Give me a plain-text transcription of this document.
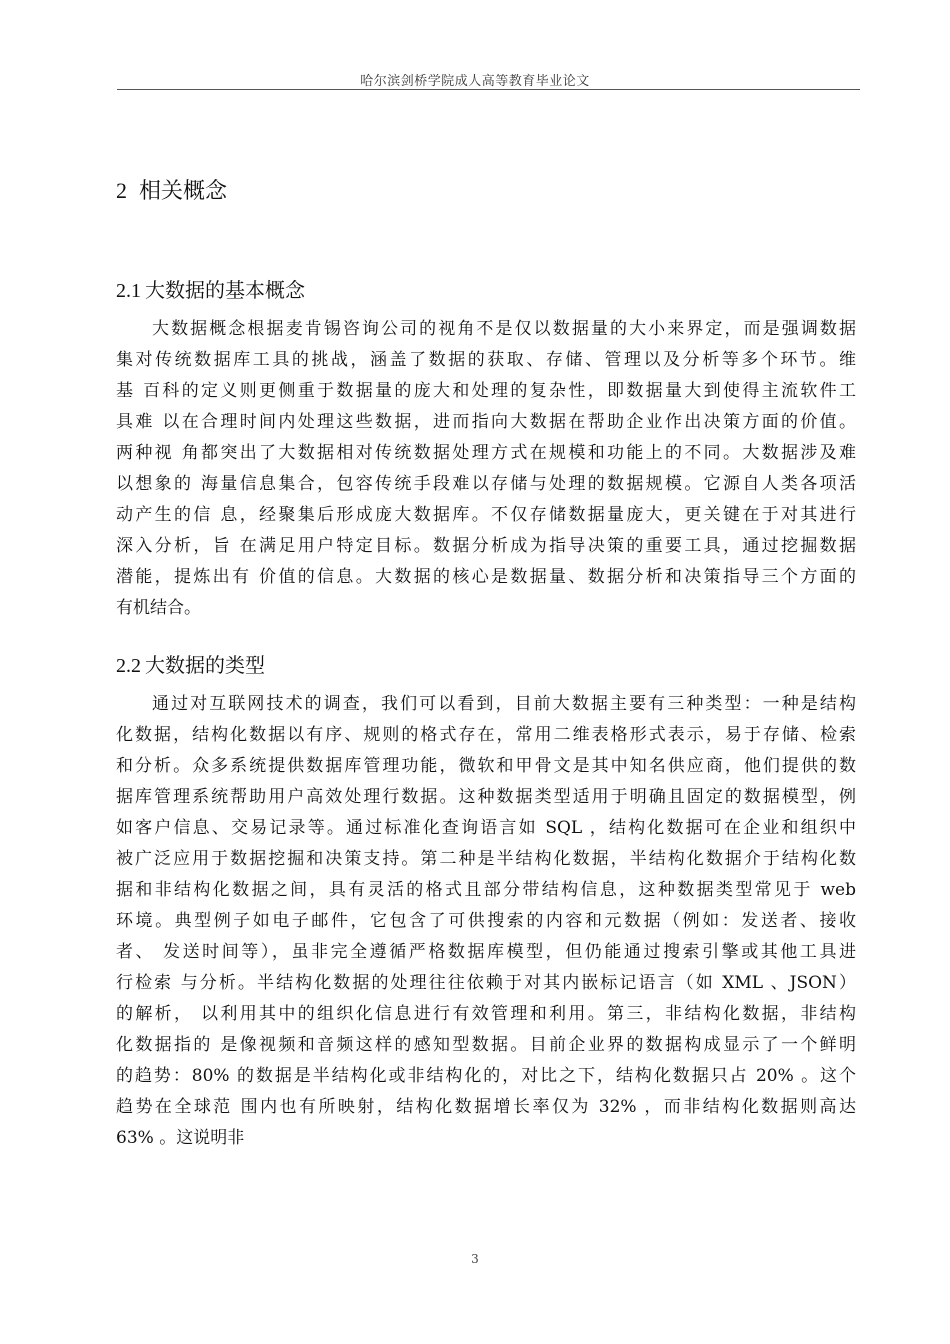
哈尔滨剑桥学院成人高等教育毕业论文
2 相关概念
2.1 大数据的基本概念
大数据概念根据麦肯锡咨询公司的视角不是仅以数据量的大小来界定，而是强调数据
集对传统数据库工具的挑战，涵盖了数据的获取、存储、管理以及分析等多个环节。维
基 百科的定义则更侧重于数据量的庞大和处理的复杂性，即数据量大到使得主流软件工
具难 以在合理时间内处理这些数据，进而指向大数据在帮助企业作出决策方面的价值。
两种视 角都突出了大数据相对传统数据处理方式在规模和功能上的不同。大数据涉及难
以想象的 海量信息集合，包容传统手段难以存储与处理的数据规模。它源自人类各项活
动产生的信 息，经聚集后形成庞大数据库。不仅存储数据量庞大，更关键在于对其进行
深入分析，旨 在满足用户特定目标。数据分析成为指导决策的重要工具，通过挖掘数据
潜能，提炼出有 价值的信息。大数据的核心是数据量、数据分析和决策指导三个方面的
有机结合。
2.2 大数据的类型
通过对互联网技术的调查，我们可以看到，目前大数据主要有三种类型：一种是结构
化数据，结构化数据以有序、规则的格式存在，常用二维表格形式表示，易于存储、检索
和分析。众多系统提供数据库管理功能，微软和甲骨文是其中知名供应商，他们提供的数
据库管理系统帮助用户高效处理行数据。这种数据类型适用于明确且固定的数据模型，例
如客户信息、交易记录等。通过标准化查询语言如 SQL ，结构化数据可在企业和组织中
被广泛应用于数据挖掘和决策支持。第二种是半结构化数据，半结构化数据介于结构化数
据和非结构化数据之间，具有灵活的格式且部分带结构信息，这种数据类型常见于 web
环境。典型例子如电子邮件，它包含了可供搜索的内容和元数据（例如：发送者、接收
者、 发送时间等），虽非完全遵循严格数据库模型，但仍能通过搜索引擎或其他工具进
行检索 与分析。半结构化数据的处理往往依赖于对其内嵌标记语言（如 XML 、JSON）
的解析， 以利用其中的组织化信息进行有效管理和利用。第三，非结构化数据，非结构
化数据指的 是像视频和音频这样的感知型数据。目前企业界的数据构成显示了一个鲜明
的趋势：80% 的数据是半结构化或非结构化的，对比之下，结构化数据只占 20% 。这个
趋势在全球范 围内也有所映射，结构化数据增长率仅为 32% ，而非结构化数据则高达
63% 。这说明非
3
